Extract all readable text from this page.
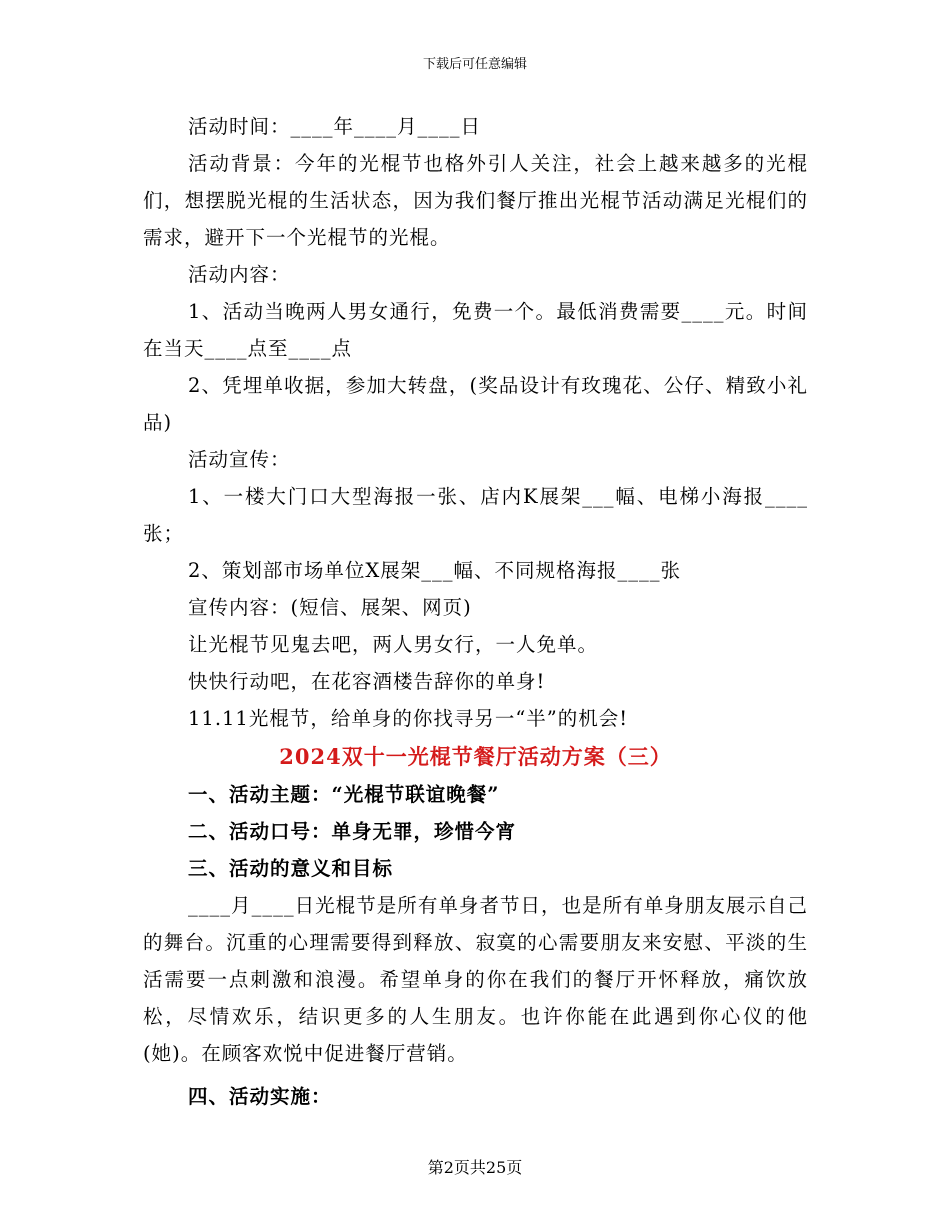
下载后可任意编辑

活动时间：____年____月____日

活动背景：今年的光棍节也格外引人关注，社会上越来越多的光棍们，想摆脱光棍的生活状态，因为我们餐厅推出光棍节活动满足光棍们的需求，避开下一个光棍节的光棍。

活动内容：

1、活动当晚两人男女通行，免费一个。最低消费需要____元。时间在当天____点至____点

2、凭埋单收据，参加大转盘，(奖品设计有玫瑰花、公仔、精致小礼品)

活动宣传：

1、一楼大门口大型海报一张、店内K展架___幅、电梯小海报____张；

2、策划部市场单位X展架___幅、不同规格海报____张

宣传内容：(短信、展架、网页)

让光棍节见鬼去吧，两人男女行，一人免单。

快快行动吧，在花容酒楼告辞你的单身!

11.11光棍节，给单身的你找寻另一“半”的机会!

2024双十一光棍节餐厅活动方案（三）

一、活动主题：“光棍节联谊晚餐”

二、活动口号：单身无罪，珍惜今宵

三、活动的意义和目标

____月____日光棍节是所有单身者节日，也是所有单身朋友展示自己的舞台。沉重的心理需要得到释放、寂寞的心需要朋友来安慰、平淡的生活需要一点刺激和浪漫。希望单身的你在我们的餐厅开怀释放，痛饮放松，尽情欢乐，结识更多的人生朋友。也许你能在此遇到你心仪的他(她)。在顾客欢悦中促进餐厅营销。

四、活动实施：

第2页共25页
